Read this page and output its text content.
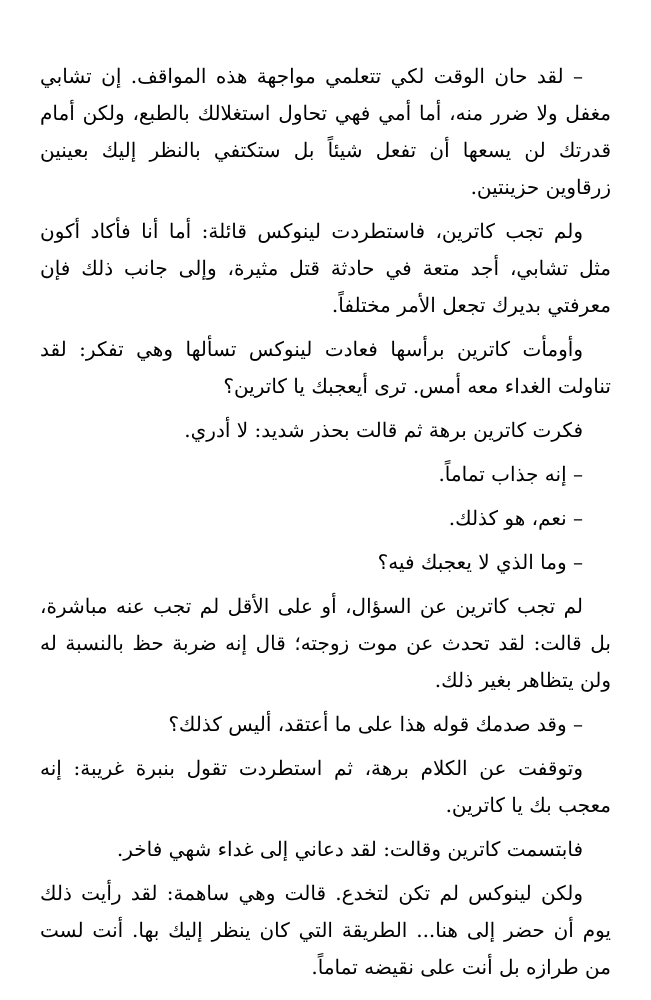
– لقد حان الوقت لكي تتعلمي مواجهة هذه المواقف. إن تشابي مغفل ولا ضرر منه، أما أمي فهي تحاول استغلالك بالطبع، ولكن أمام قدرتك لن يسعها أن تفعل شيئاً بل ستكتفي بالنظر إليك بعينين زرقاوين حزينتين.

ولم تجب كاترين، فاستطردت لينوكس قائلة: أما أنا فأكاد أكون مثل تشابي، أجد متعة في حادثة قتل مثيرة، وإلى جانب ذلك فإن معرفتي بديرك تجعل الأمر مختلفاً.

وأومأت كاترين برأسها فعادت لينوكس تسألها وهي تفكر: لقد تناولت الغداء معه أمس. ترى أيعجبك يا كاترين؟

فكرت كاترين برهة ثم قالت بحذر شديد: لا أدري.

– إنه جذاب تماماً.

– نعم، هو كذلك.

– وما الذي لا يعجبك فيه؟

لم تجب كاترين عن السؤال، أو على الأقل لم تجب عنه مباشرة، بل قالت: لقد تحدث عن موت زوجته؛ قال إنه ضربة حظ بالنسبة له ولن يتظاهر بغير ذلك.

– وقد صدمك قوله هذا على ما أعتقد، أليس كذلك؟

وتوقفت عن الكلام برهة، ثم استطردت تقول بنبرة غريبة: إنه معجب بك يا كاترين.

فابتسمت كاترين وقالت: لقد دعاني إلى غداء شهي فاخر.

ولكن لينوكس لم تكن لتخدع. قالت وهي ساهمة: لقد رأيت ذلك يوم أن حضر إلى هنا... الطريقة التي كان ينظر إليك بها. أنت لست من طرازه بل أنت على نقيضه تماماً.
